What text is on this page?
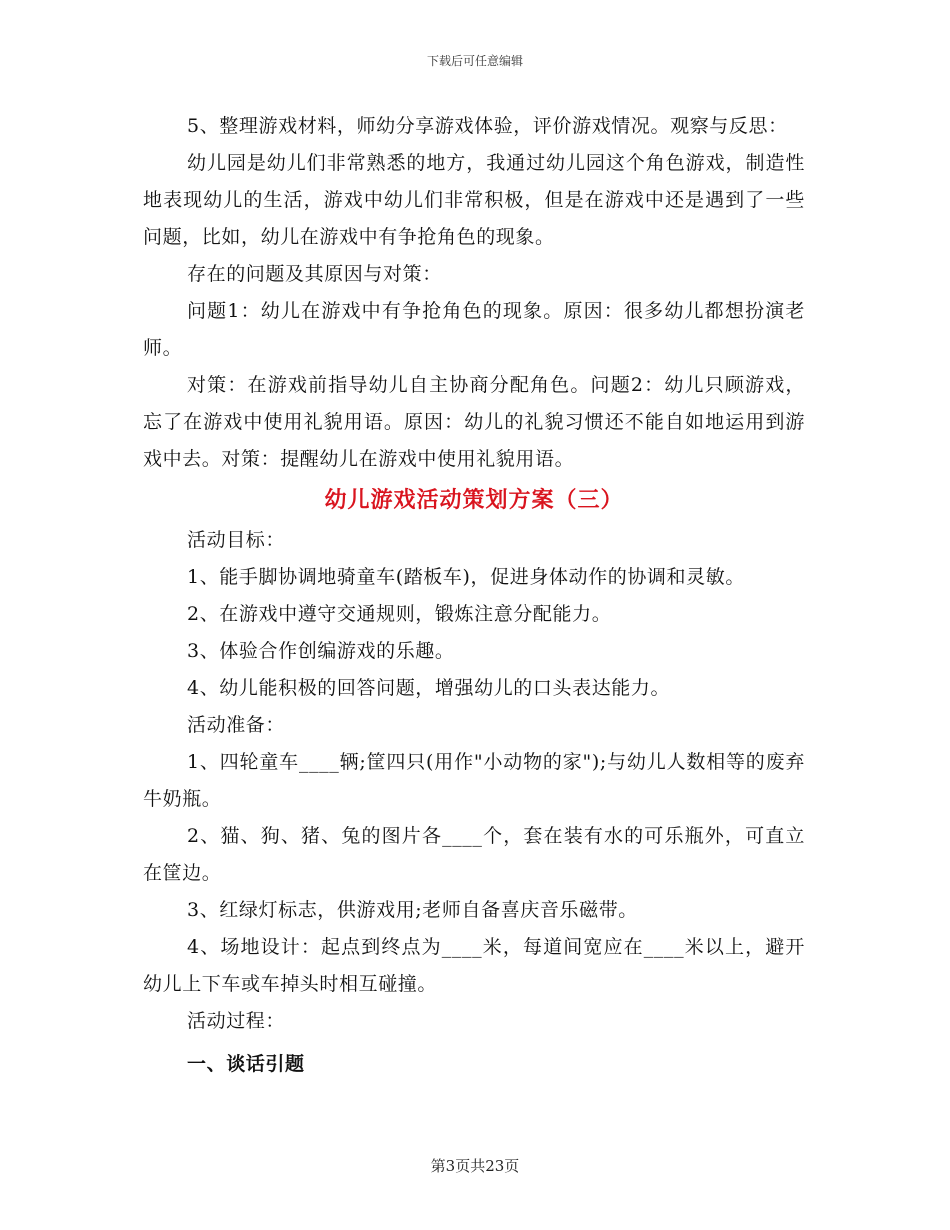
下载后可任意编辑

5、整理游戏材料，师幼分享游戏体验，评价游戏情况。观察与反思：

幼儿园是幼儿们非常熟悉的地方，我通过幼儿园这个角色游戏，制造性地表现幼儿的生活，游戏中幼儿们非常积极，但是在游戏中还是遇到了一些问题，比如，幼儿在游戏中有争抢角色的现象。

存在的问题及其原因与对策：

问题1：幼儿在游戏中有争抢角色的现象。原因：很多幼儿都想扮演老师。

对策：在游戏前指导幼儿自主协商分配角色。问题2：幼儿只顾游戏，忘了在游戏中使用礼貌用语。原因：幼儿的礼貌习惯还不能自如地运用到游戏中去。对策：提醒幼儿在游戏中使用礼貌用语。

幼儿游戏活动策划方案（三）

活动目标：

1、能手脚协调地骑童车(踏板车)，促进身体动作的协调和灵敏。

2、在游戏中遵守交通规则，锻炼注意分配能力。

3、体验合作创编游戏的乐趣。

4、幼儿能积极的回答问题，增强幼儿的口头表达能力。

活动准备：

1、四轮童车____辆;筐四只(用作"小动物的家");与幼儿人数相等的废弃牛奶瓶。

2、猫、狗、猪、兔的图片各____个，套在装有水的可乐瓶外，可直立在筐边。

3、红绿灯标志，供游戏用;老师自备喜庆音乐磁带。

4、场地设计：起点到终点为____米，每道间宽应在____米以上，避开幼儿上下车或车掉头时相互碰撞。

活动过程：

一、谈话引题

第3页共23页
